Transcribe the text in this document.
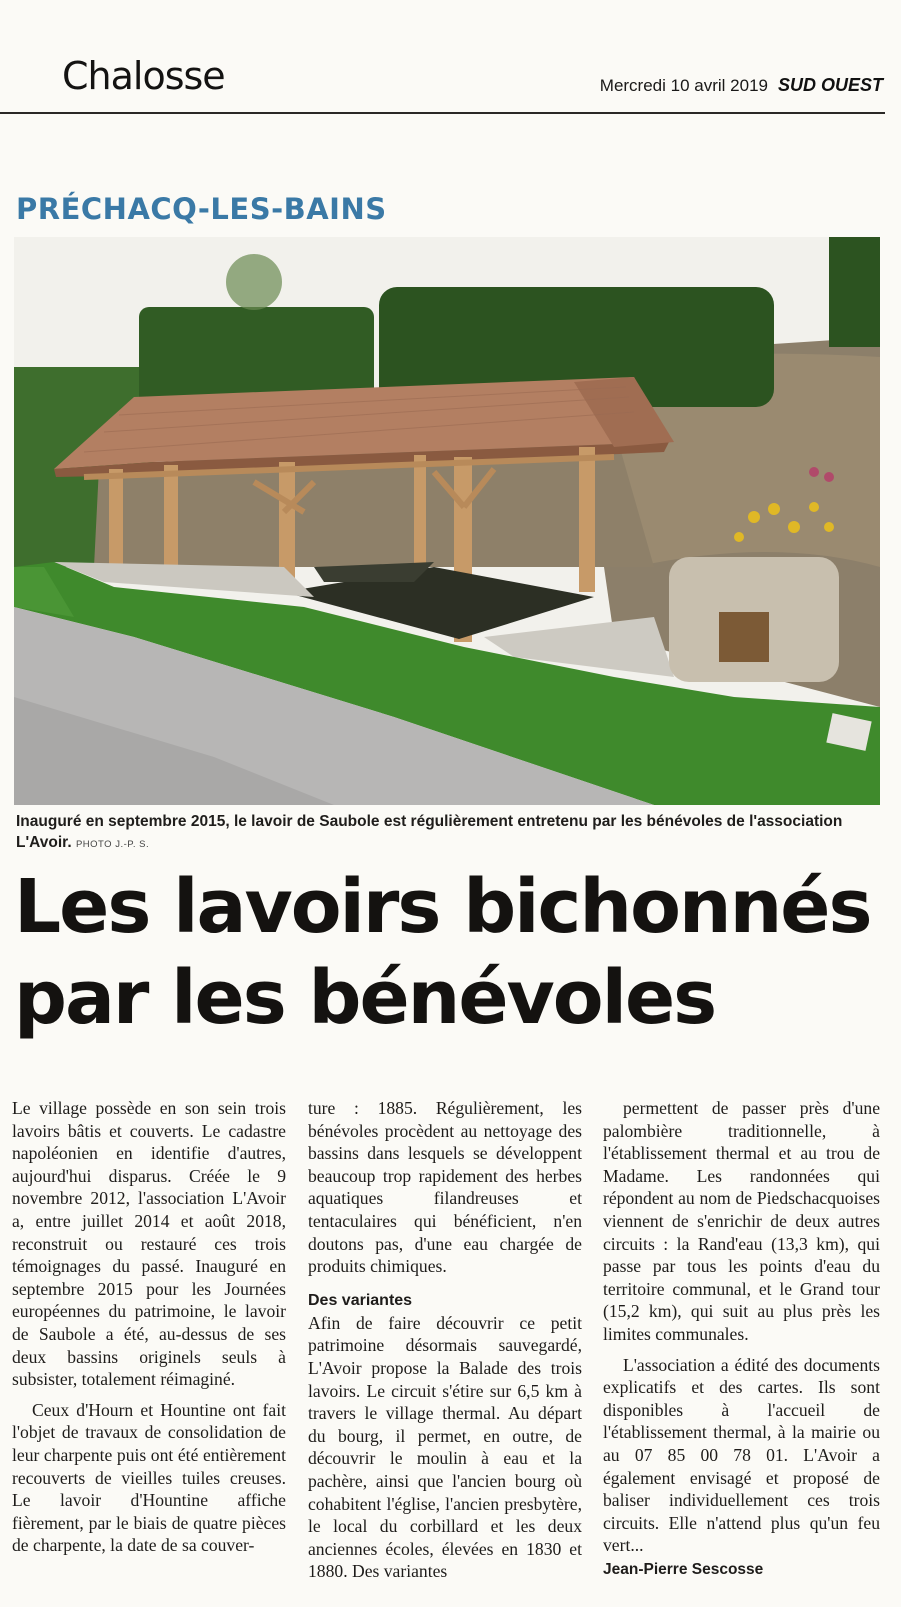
Chalosse	Mercredi 10 avril 2019 SUD OUEST
PRÉCHACQ-LES-BAINS
Inauguré en septembre 2015, le lavoir de Saubole est régulièrement entretenu par les bénévoles de l'association L'Avoir. PHOTO J.-P. S.
Les lavoirs bichonnés
par les bénévoles

Le village possède en son sein trois lavoirs bâtis et couverts. Le cadastre napoléonien en identifie d'autres, aujourd'hui disparus. Créée le 9 novembre 2012, l'association L'Avoir a, entre juillet 2014 et août 2018, reconstruit ou restauré ces trois témoignages du passé. Inauguré en septembre 2015 pour les Journées européennes du patrimoine, le lavoir de Saubole a été, au-dessus de ses deux bassins originels seuls à subsister, totalement réimaginé.

Ceux d'Hourn et Hountine ont fait l'objet de travaux de consolidation de leur charpente puis ont été entièrement recouverts de vieilles tuiles creuses. Le lavoir d'Hountine affiche fièrement, par le biais de quatre pièces de charpente, la date de sa couver-

ture : 1885. Régulièrement, les bénévoles procèdent au nettoyage des bassins dans lesquels se développent beaucoup trop rapidement des herbes aquatiques filandreuses et tentaculaires qui bénéficient, n'en doutons pas, d'une eau chargée de produits chimiques.

Des variantes

Afin de faire découvrir ce petit patrimoine désormais sauvegardé, L'Avoir propose la Balade des trois lavoirs. Le circuit s'étire sur 6,5 km à travers le village thermal. Au départ du bourg, il permet, en outre, de découvrir le moulin à eau et la pachère, ainsi que l'ancien bourg où cohabitent l'église, l'ancien presbytère, le local du corbillard et les deux anciennes écoles, élevées en 1830 et 1880. Des variantes

permettent de passer près d'une palombière traditionnelle, à l'établissement thermal et au trou de Madame. Les randonnées qui répondent au nom de Piedschacquoises viennent de s'enrichir de deux autres circuits : la Rand'eau (13,3 km), qui passe par tous les points d'eau du territoire communal, et le Grand tour (15,2 km), qui suit au plus près les limites communales.

L'association a édité des documents explicatifs et des cartes. Ils sont disponibles à l'accueil de l'établissement thermal, à la mairie ou au 07 85 00 78 01. L'Avoir a également envisagé et proposé de baliser individuellement ces trois circuits. Elle n'attend plus qu'un feu vert...

Jean-Pierre Sescosse
